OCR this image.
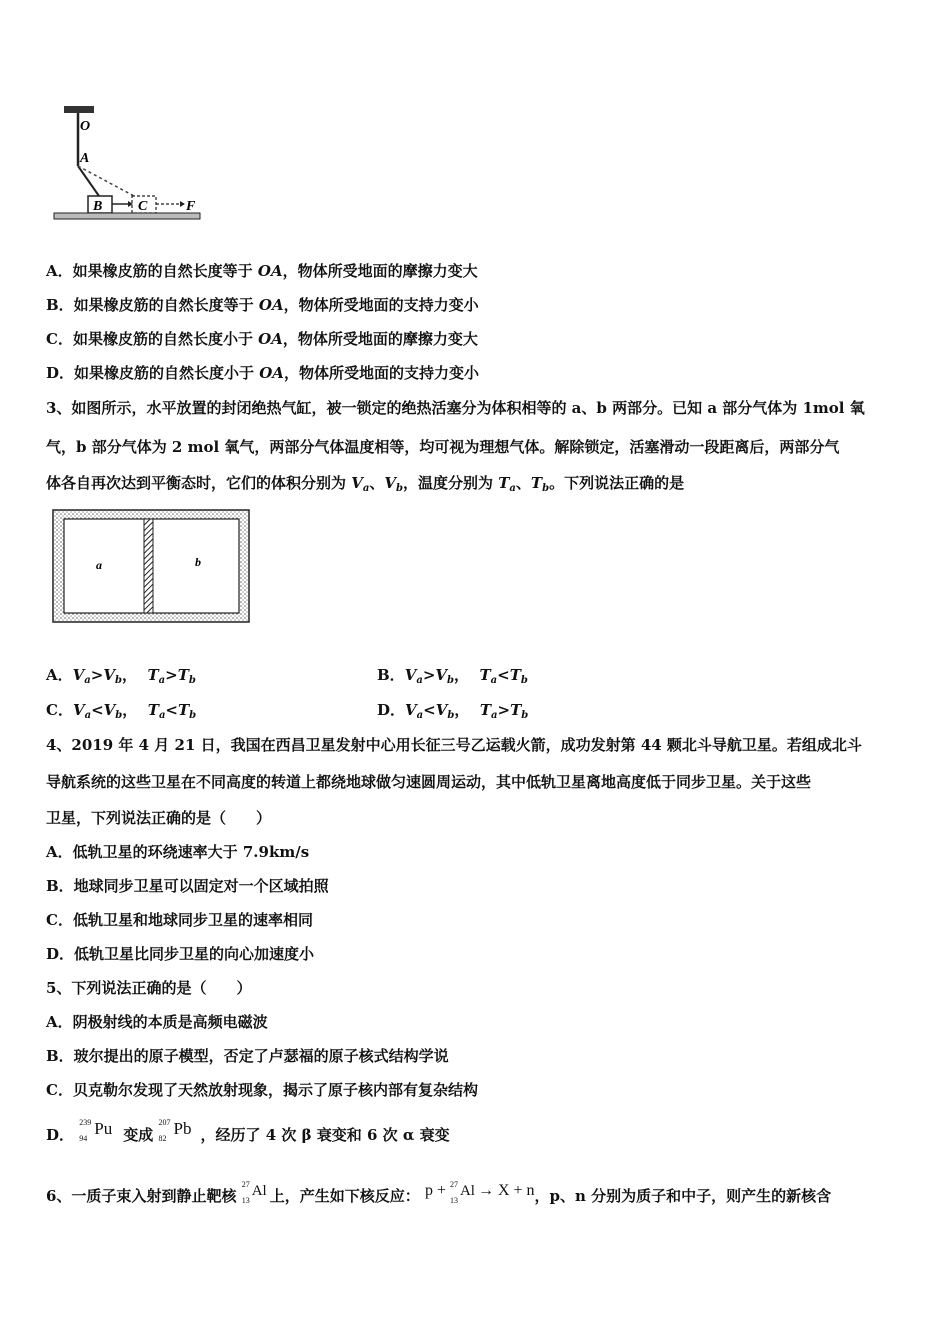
O
A
B	C	F
A．如果橡皮筋的自然长度等于 OA，物体所受地面的摩擦力变大
B．如果橡皮筋的自然长度等于 OA，物体所受地面的支持力变小
C．如果橡皮筋的自然长度小于 OA，物体所受地面的摩擦力变大
D．如果橡皮筋的自然长度小于 OA，物体所受地面的支持力变小
3、如图所示，水平放置的封闭绝热气缸，被一锁定的绝热活塞分为体积相等的 a、b 两部分。已知 a 部分气体为 1mol 氧
气，b 部分气体为 2 mol 氧气，两部分气体温度相等，均可视为理想气体。解除锁定，活塞滑动一段距离后，两部分气
体各自再次达到平衡态时，它们的体积分别为 $V_a$、$V_b$，温度分别为 $T_a$、$T_b$。下列说法正确的是
a	b
A．$V_a>V_b$， $T_a>T_b$	B．$V_a>V_b$， $T_a<T_b$
C．$V_a<V_b$， $T_a<T_b$	D．$V_a<V_b$， $T_a>T_b$
4、2019 年 4 月 21 日，我国在西昌卫星发射中心用长征三号乙运载火箭，成功发射第 44 颗北斗导航卫星。若组成北斗
导航系统的这些卫星在不同高度的转道上都绕地球做匀速圆周运动，其中低轨卫星离地高度低于同步卫星。关于这些
卫星，下列说法正确的是（　　）
A．低轨卫星的环绕速率大于 7.9km/s
B．地球同步卫星可以固定对一个区域拍照
C．低轨卫星和地球同步卫星的速率相同
D．低轨卫星比同步卫星的向心加速度小
5、下列说法正确的是（　　）
A．阴极射线的本质是高频电磁波
B．玻尔提出的原子模型，否定了卢瑟福的原子核式结构学说
C．贝克勒尔发现了天然放射现象，揭示了原子核内部有复杂结构
D．
239
94
Pu 变成
207
82
Pb ，经历了 4 次 β 衰变和 6 次 α 衰变
6、一质子束入射到静止靶核
27
13
Al 上，产生如下核反应： p + 27
13
Al → X + n，p、n 分别为质子和中子，则产生的新核含
